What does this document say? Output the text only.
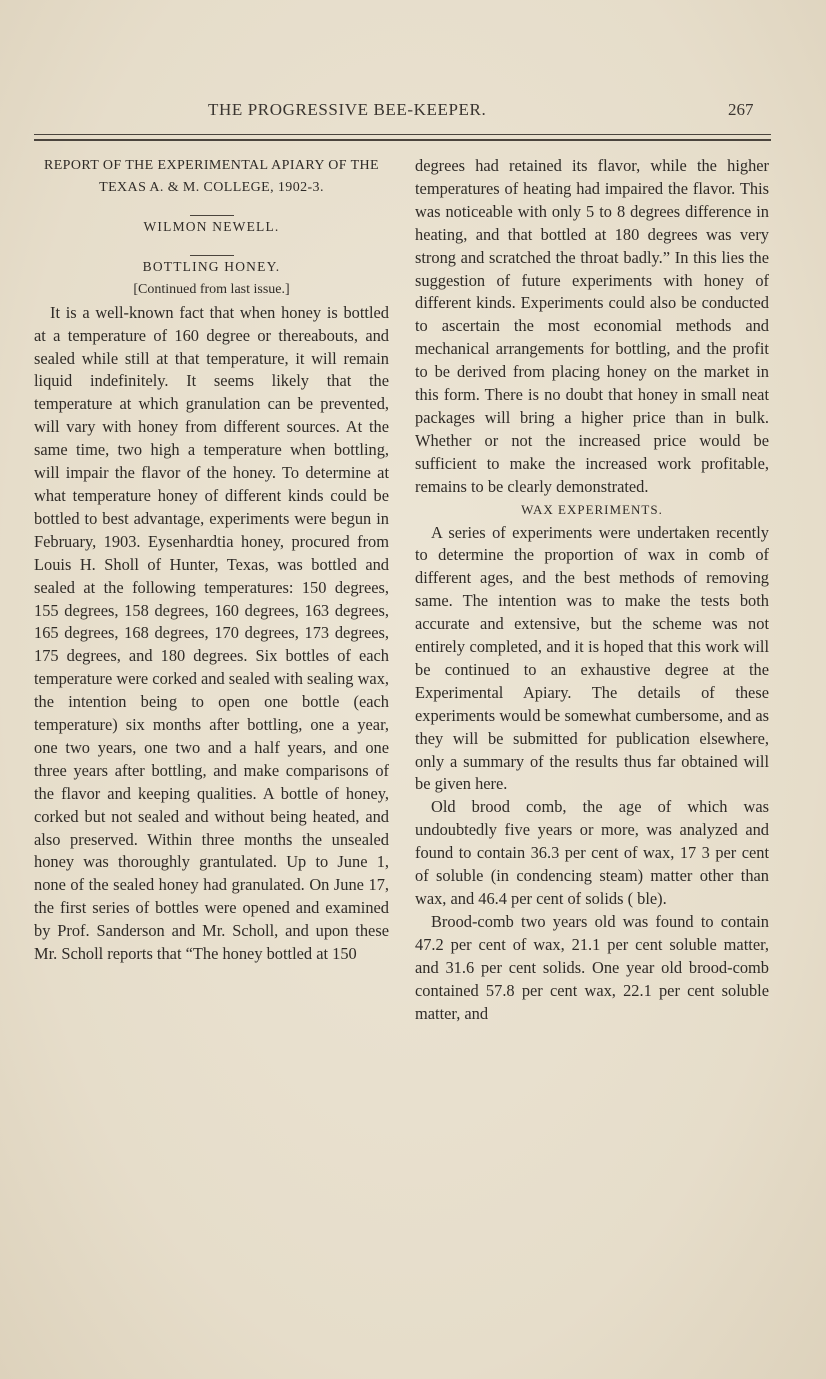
THE PROGRESSIVE BEE-KEEPER.	267

REPORT OF THE EXPERIMENTAL APIARY OF THE TEXAS A. & M. COLLEGE, 1902-3.

WILMON NEWELL.

BOTTLING HONEY.

[Continued from last issue.]

It is a well-known fact that when honey is bottled at a temperature of 160 degree or thereabouts, and sealed while still at that temperature, it will remain liquid indefinitely. It seems likely that the temperature at which granulation can be prevented, will vary with honey from different sources. At the same time, two high a temperature when bottling, will impair the flavor of the honey. To determine at what temperature honey of different kinds could be bottled to best advantage, experiments were begun in February, 1903. Eysenhardtia honey, procured from Louis H. Sholl of Hunter, Texas, was bottled and sealed at the following temperatures: 150 degrees, 155 degrees, 158 degrees, 160 degrees, 163 degrees, 165 degrees, 168 degrees, 170 degrees, 173 degrees, 175 degrees, and 180 degrees. Six bottles of each temperature were corked and sealed with sealing wax, the intention being to open one bottle (each temperature) six months after bottling, one a year, one two years, one two and a half years, and one three years after bottling, and make comparisons of the flavor and keeping qualities. A bottle of honey, corked but not sealed and without being heated, and also preserved. Within three months the unsealed honey was thoroughly grantulated. Up to June 1, none of the sealed honey had granulated. On June 17, the first series of bottles were opened and examined by Prof. Sanderson and Mr. Scholl, and upon these Mr. Scholl reports that “The honey bottled at 150

degrees had retained its flavor, while the higher temperatures of heating had impaired the flavor. This was noticeable with only 5 to 8 degrees difference in heating, and that bottled at 180 degrees was very strong and scratched the throat badly.” In this lies the suggestion of future experiments with honey of different kinds. Experiments could also be conducted to ascertain the most economial methods and mechanical arrangements for bottling, and the profit to be derived from placing honey on the market in this form. There is no doubt that honey in small neat packages will bring a higher price than in bulk. Whether or not the increased price would be sufficient to make the increased work profitable, remains to be clearly demonstrated.

WAX EXPERIMENTS.

A series of experiments were undertaken recently to determine the proportion of wax in comb of different ages, and the best methods of removing same. The intention was to make the tests both accurate and extensive, but the scheme was not entirely completed, and it is hoped that this work will be continued to an exhaustive degree at the Experimental Apiary. The details of these experiments would be somewhat cumbersome, and as they will be submitted for publication elsewhere, only a summary of the results thus far obtained will be given here.

Old brood comb, the age of which was undoubtedly five years or more, was analyzed and found to contain 36.3 per cent of wax, 17 3 per cent of soluble (in condencing steam) matter other than wax, and 46.4 per cent of solids ( ble).

Brood-comb two years old was found to contain 47.2 per cent of wax, 21.1 per cent soluble matter, and 31.6 per cent solids. One year old brood-comb contained 57.8 per cent wax, 22.1 per cent soluble matter, and
